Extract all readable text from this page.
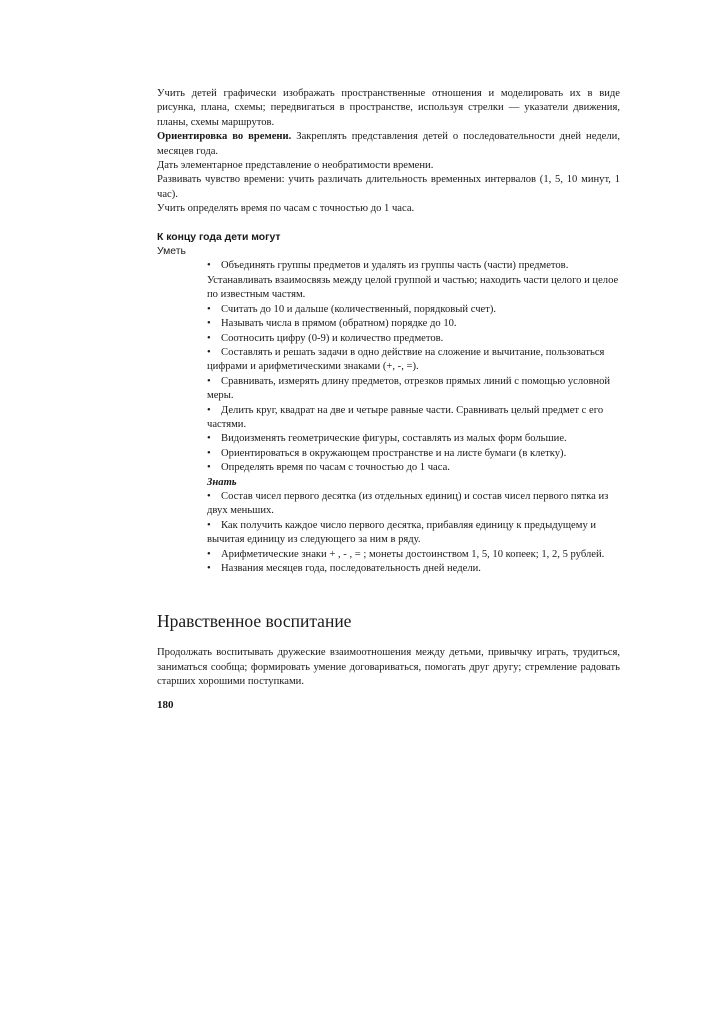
Учить детей графически изображать пространственные отношения и моделировать их в виде рисунка, плана, схемы; передвигаться в пространстве, используя стрелки — указатели движения, планы, схемы маршрутов.

Ориентировка во времени. Закреплять представления детей о последовательности дней недели, месяцев года.

Дать элементарное представление о необратимости времени.

Развивать чувство времени: учить различать длительность временных интервалов (1, 5, 10 минут, 1 час).

Учить определять время по часам с точностью до 1 часа.

К концу года дети могут

Уметь

• Объединять группы предметов и удалять из группы часть (части) предметов. Устанавливать взаимосвязь между целой группой и частью; находить части целого и целое по известным частям.
• Считать до 10 и дальше (количественный, порядковый счет).
• Называть числа в прямом (обратном) порядке до 10.
• Соотносить цифру (0-9) и количество предметов.
• Составлять и решать задачи в одно действие на сложение и вычитание, пользоваться цифрами и арифметическими знаками (+, -, =).
• Сравнивать, измерять длину предметов, отрезков прямых линий с помощью условной меры.
• Делить круг, квадрат на две и четыре равные части. Сравнивать целый предмет с его частями.
• Видоизменять геометрические фигуры, составлять из малых форм большие.
• Ориентироваться в окружающем пространстве и на листе бумаги (в клетку).
• Определять время по часам с точностью до 1 часа.

Знать

• Состав чисел первого десятка (из отдельных единиц) и состав чисел первого пятка из двух меньших.
• Как получить каждое число первого десятка, прибавляя единицу к предыдущему и вычитая единицу из следующего за ним в ряду.
• Арифметические знаки + , - , = ; монеты достоинством 1, 5, 10 копеек; 1, 2, 5 рублей.
• Названия месяцев года, последовательность дней недели.
Нравственное воспитание

Продолжать воспитывать дружеские взаимоотношения между детьми, привычку играть, трудиться, заниматься сообща; формировать умение договариваться, помогать друг другу; стремление радовать старших хорошими поступками.

180
